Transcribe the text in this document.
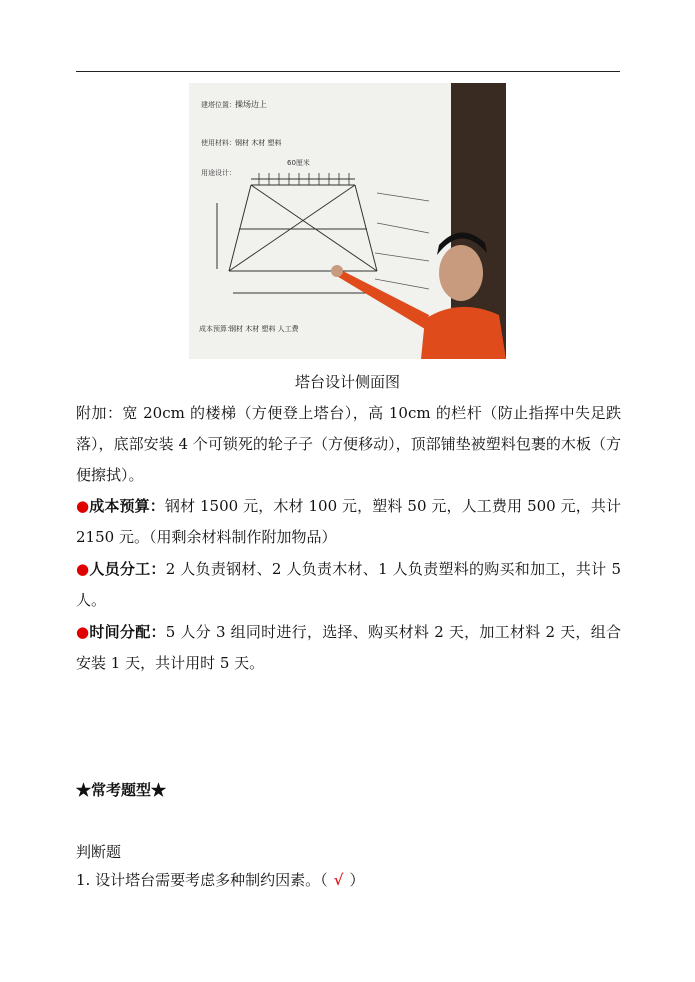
建塔位置： 操场边上
使用材料： 钢材 木材 塑料
用途设计：
60厘米
成本预算：
钢材 木材 塑料 人工费
塔台设计侧面图
附加：宽 20cm 的楼梯（方便登上塔台），高 10cm 的栏杆（防止指挥中失足跌落），底部安装 4 个可锁死的轮子子（方便移动），顶部铺垫被塑料包裹的木板（方便擦拭）。
●成本预算：钢材 1500 元，木材 100 元，塑料 50 元，人工费用 500 元，共计 2150 元。（用剩余材料制作附加物品）
●人员分工：2 人负责钢材、2 人负责木材、1 人负责塑料的购买和加工，共计 5 人。
●时间分配：5 人分 3 组同时进行，选择、购买材料 2 天，加工材料 2 天，组合安装 1 天，共计用时 5 天。
★常考题型★
判断题
1. 设计塔台需要考虑多种制约因素。（ √ ）
